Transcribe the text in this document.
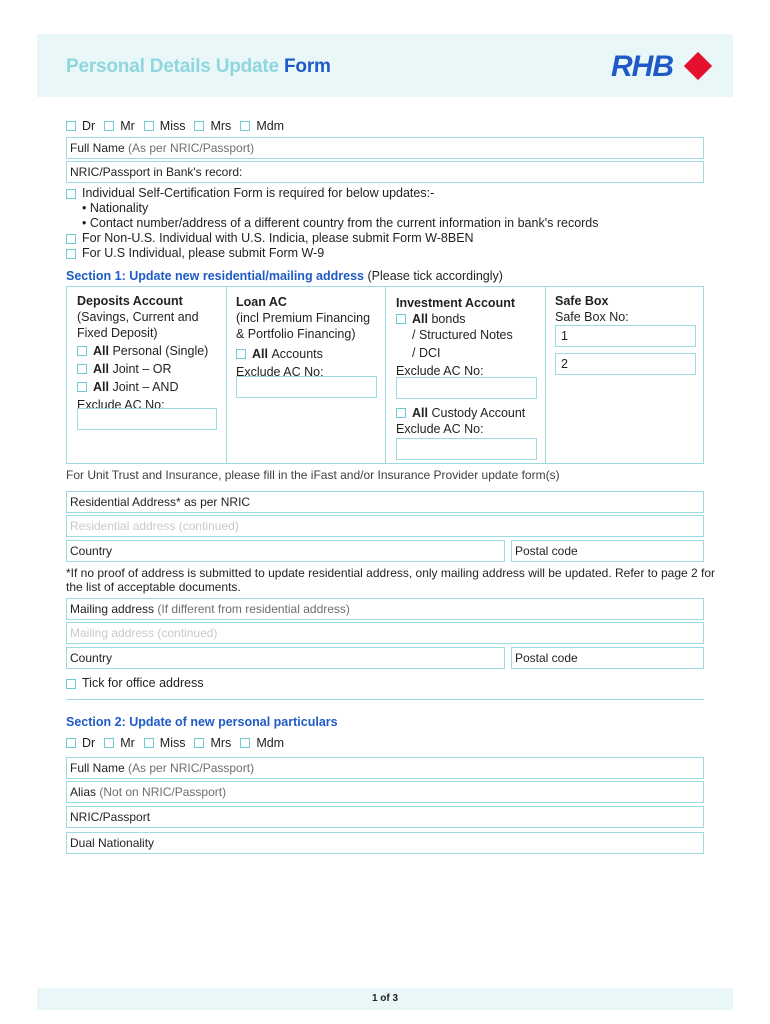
Personal Details Update Form	RHB
Dr Mr Miss Mrs Mdm
Full Name (As per NRIC/Passport)
NRIC/Passport in Bank's record:
Individual Self-Certification Form is required for below updates:-
• Nationality
• Contact number/address of a different country from the current information in bank's records
For Non-U.S. Individual with U.S. Indicia, please submit Form W-8BEN
For U.S Individual, please submit Form W-9
Section 1: Update new residential/mailing address (Please tick accordingly)
Deposits Account
(Savings, Current and
Fixed Deposit)
All
Personal (Single)
All
Joint – OR
All
Joint – AND
Exclude AC No:
Loan AC
(incl Premium Financing
& Portfolio Financing)
All
Accounts
Exclude AC No:
Investment Account
All
bonds
/ Structured Notes
/ DCI
Exclude AC No:
All
Custody Account
Exclude AC No:
Safe Box
Safe Box No:
1
2
For Unit Trust and Insurance, please fill in the iFast and/or Insurance Provider update form(s)
Residential Address* as per NRIC
Residential address (continued)
Country	Postal code
*If no proof of address is submitted to update residential address, only mailing address will be updated. Refer to page 2 for
the list of acceptable documents.
Mailing address (If different from residential address)
Mailing address (continued)
Country	Postal code
Tick for office address
Section 2: Update of new personal particulars
Dr Mr Miss Mrs Mdm
Full Name (As per NRIC/Passport)
Alias (Not on NRIC/Passport)
NRIC/Passport
Dual Nationality
1 of 3
